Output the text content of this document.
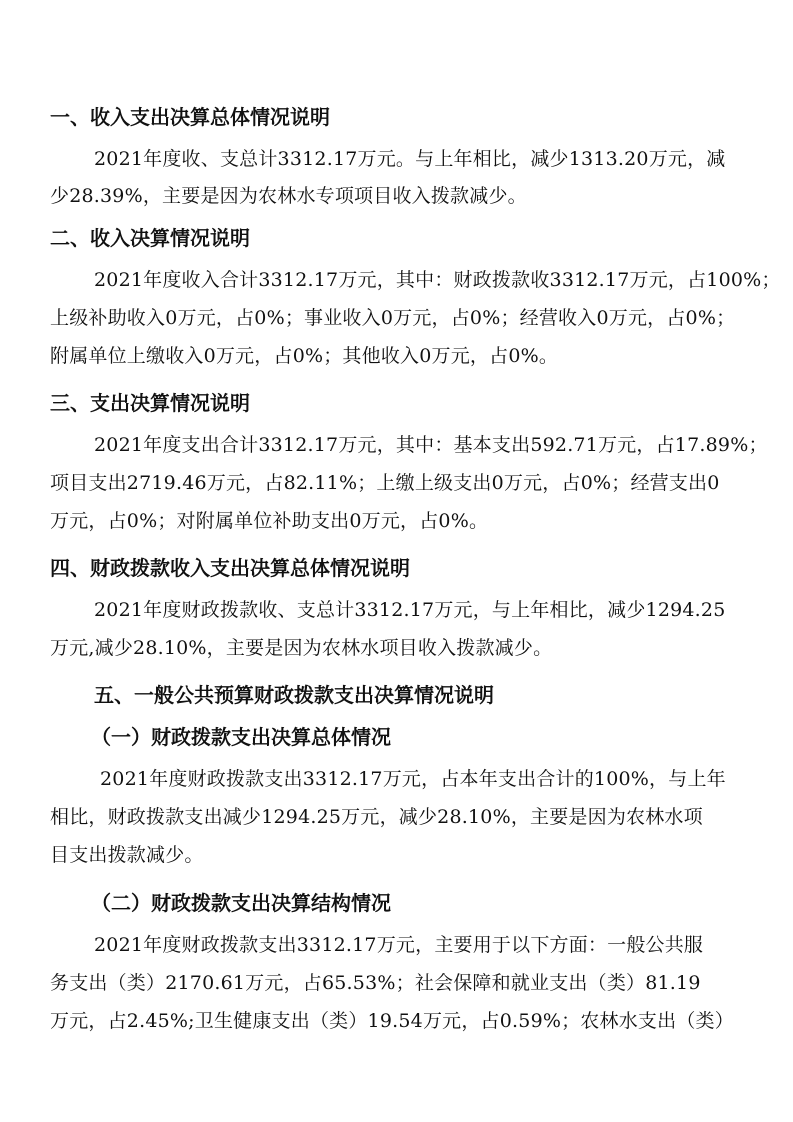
一、收入支出决算总体情况说明
2021年度收、支总计3312.17万元。与上年相比，减少1313.20万元，减
少28.39%，主要是因为农林水专项项目收入拨款减少。
二、收入决算情况说明
2021年度收入合计3312.17万元，其中：财政拨款收3312.17万元，占100%；
上级补助收入0万元，占0%；事业收入0万元，占0%；经营收入0万元，占0%；
附属单位上缴收入0万元，占0%；其他收入0万元，占0%。
三、支出决算情况说明
2021年度支出合计3312.17万元，其中：基本支出592.71万元，占17.89%；
项目支出2719.46万元，占82.11%；上缴上级支出0万元，占0%；经营支出0
万元，占0%；对附属单位补助支出0万元，占0%。
四、财政拨款收入支出决算总体情况说明
2021年度财政拨款收、支总计3312.17万元，与上年相比，减少1294.25
万元,减少28.10%，主要是因为农林水项目收入拨款减少。
五、一般公共预算财政拨款支出决算情况说明
（一）财政拨款支出决算总体情况
2021年度财政拨款支出3312.17万元，占本年支出合计的100%，与上年
相比，财政拨款支出减少1294.25万元，减少28.10%，主要是因为农林水项
目支出拨款减少。
（二）财政拨款支出决算结构情况
2021年度财政拨款支出3312.17万元，主要用于以下方面：一般公共服
务支出（类）2170.61万元，占65.53%；社会保障和就业支出（类）81.19
万元，占2.45%;卫生健康支出（类）19.54万元，占0.59%；农林水支出（类）
